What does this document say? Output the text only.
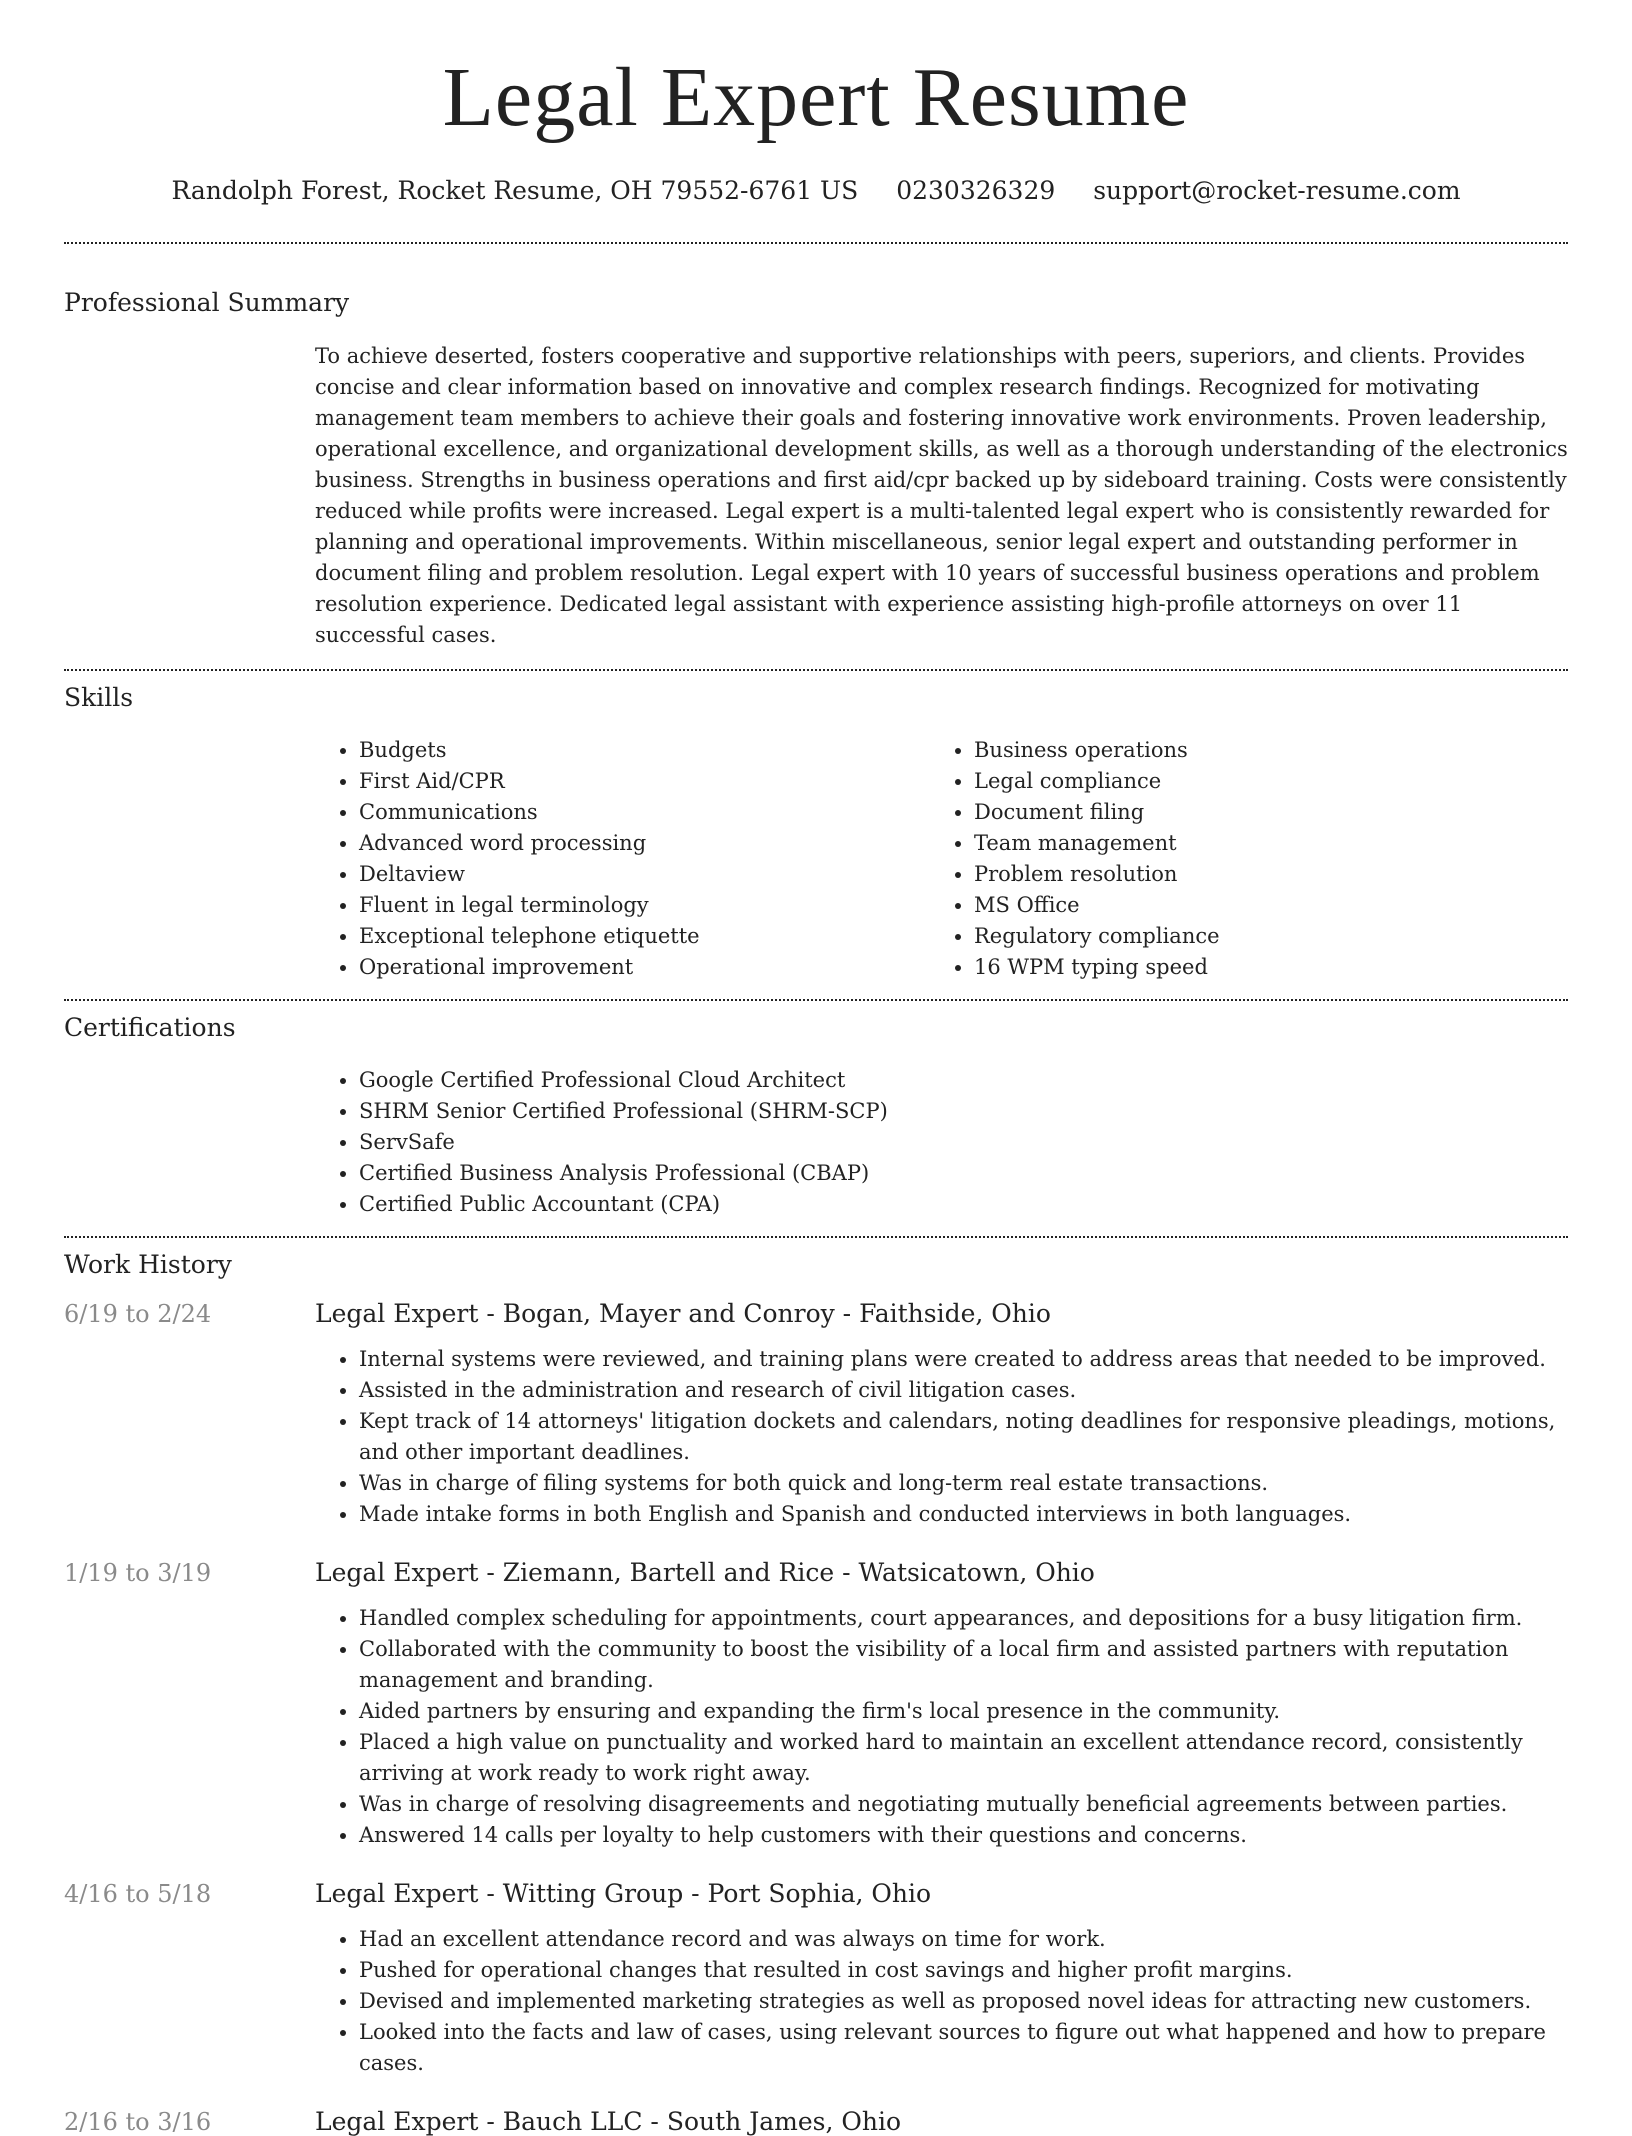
Legal Expert Resume
Randolph Forest, Rocket Resume, OH 79552-6761 US 0230326329 support@rocket-resume.com
Professional Summary

To achieve deserted, fosters cooperative and supportive relationships with peers, superiors, and clients. Provides concise and clear information based on innovative and complex research findings. Recognized for motivating management team members to achieve their goals and fostering innovative work environments. Proven leadership, operational excellence, and organizational development skills, as well as a thorough understanding of the electronics business. Strengths in business operations and first aid/cpr backed up by sideboard training. Costs were consistently reduced while profits were increased. Legal expert is a multi-talented legal expert who is consistently rewarded for planning and operational improvements. Within miscellaneous, senior legal expert and outstanding performer in document filing and problem resolution. Legal expert with 10 years of successful business operations and problem resolution experience. Dedicated legal assistant with experience assisting high-profile attorneys on over 11 successful cases.

Skills
• Budgets
• First Aid/CPR
• Communications
• Advanced word processing
• Deltaview
• Fluent in legal terminology
• Exceptional telephone etiquette
• Operational improvement
• Business operations
• Legal compliance
• Document filing
• Team management
• Problem resolution
• MS Office
• Regulatory compliance
• 16 WPM typing speed
Certifications
• Google Certified Professional Cloud Architect
• SHRM Senior Certified Professional (SHRM-SCP)
• ServSafe
• Certified Business Analysis Professional (CBAP)
• Certified Public Accountant (CPA)
Work History
6/19 to 2/24	Legal Expert - Bogan, Mayer and Conroy - Faithside, Ohio
• Internal systems were reviewed, and training plans were created to address areas that needed to be improved.
• Assisted in the administration and research of civil litigation cases.
• Kept track of 14 attorneys' litigation dockets and calendars, noting deadlines for responsive pleadings, motions, and other important deadlines.
• Was in charge of filing systems for both quick and long-term real estate transactions.
• Made intake forms in both English and Spanish and conducted interviews in both languages.
1/19 to 3/19	Legal Expert - Ziemann, Bartell and Rice - Watsicatown, Ohio
• Handled complex scheduling for appointments, court appearances, and depositions for a busy litigation firm.
• Collaborated with the community to boost the visibility of a local firm and assisted partners with reputation management and branding.
• Aided partners by ensuring and expanding the firm's local presence in the community.
• Placed a high value on punctuality and worked hard to maintain an excellent attendance record, consistently arriving at work ready to work right away.
• Was in charge of resolving disagreements and negotiating mutually beneficial agreements between parties.
• Answered 14 calls per loyalty to help customers with their questions and concerns.
4/16 to 5/18	Legal Expert - Witting Group - Port Sophia, Ohio
• Had an excellent attendance record and was always on time for work.
• Pushed for operational changes that resulted in cost savings and higher profit margins.
• Devised and implemented marketing strategies as well as proposed novel ideas for attracting new customers.
• Looked into the facts and law of cases, using relevant sources to figure out what happened and how to prepare cases.
2/16 to 3/16	Legal Expert - Bauch LLC - South James, Ohio
